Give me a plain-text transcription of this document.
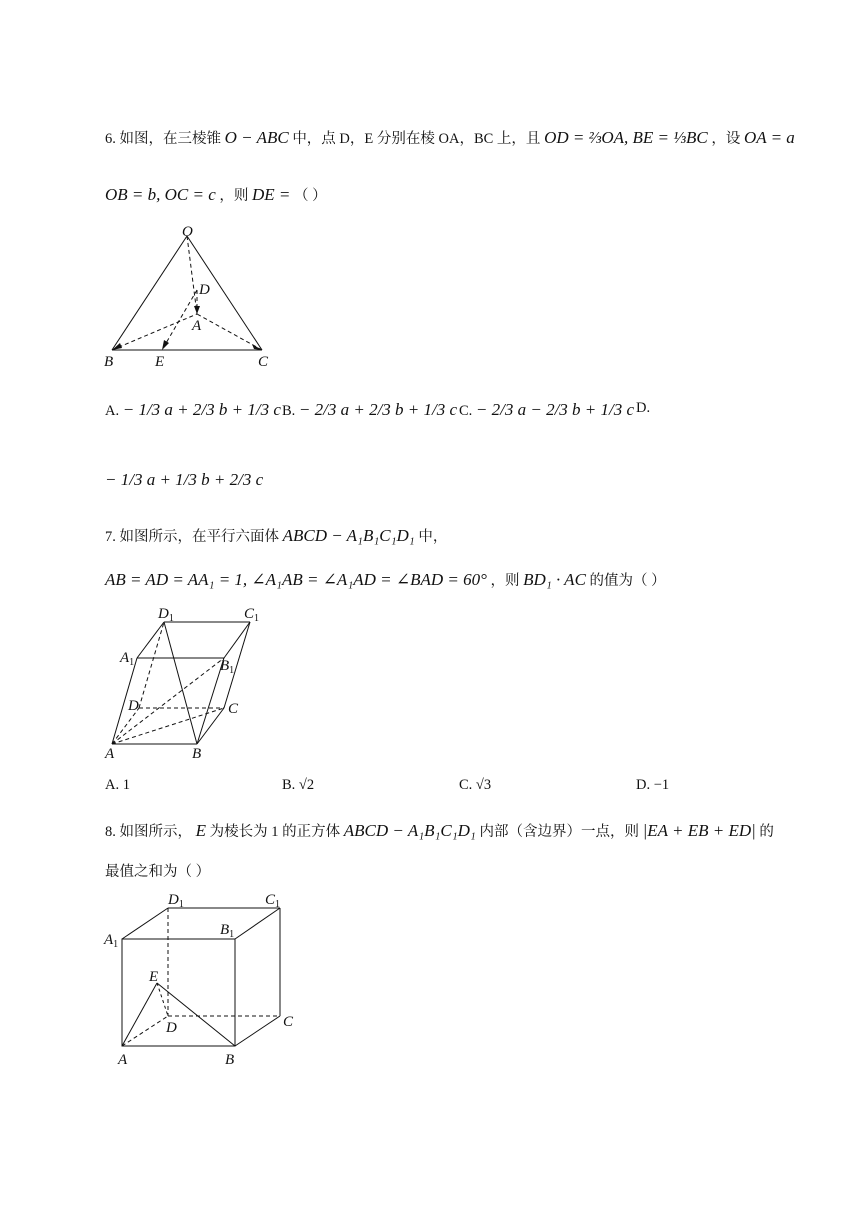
6. 如图，在三棱锥 O − ABC 中，点 D，E 分别在棱 OA，BC 上，且 OD = ⅔OA, BE = ⅓BC ，设 OA = a
OB = b, OC = c ，则 DE = （ ）
O
D
A
B	E	C
A. − 1/3 a + 2/3 b + 1/3 c B. − 2/3 a + 2/3 b + 1/3 c C. − 2/3 a − 2/3 b + 1/3 c D.
− 1/3 a + 1/3 b + 2/3 c
7. 如图所示，在平行六面体 ABCD − A₁B₁C₁D₁ 中，
AB = AD = AA₁ = 1, ∠A₁AB = ∠A₁AD = ∠BAD = 60° ，则 BD₁ · AC 的值为（ ）
$D_1$	$C_1$
$A_1$	$B_1$
D	C
A	B
A. 1	B. √2	C. √3	D. −1
8. 如图所示， E 为棱长为 1 的正方体 ABCD − A₁B₁C₁D₁ 内部（含边界）一点，则 |EA + EB + ED| 的
最值之和为（ ）
$D_1$	$C_1$
$A_1$
$B_1$
E
D	C
A	B
